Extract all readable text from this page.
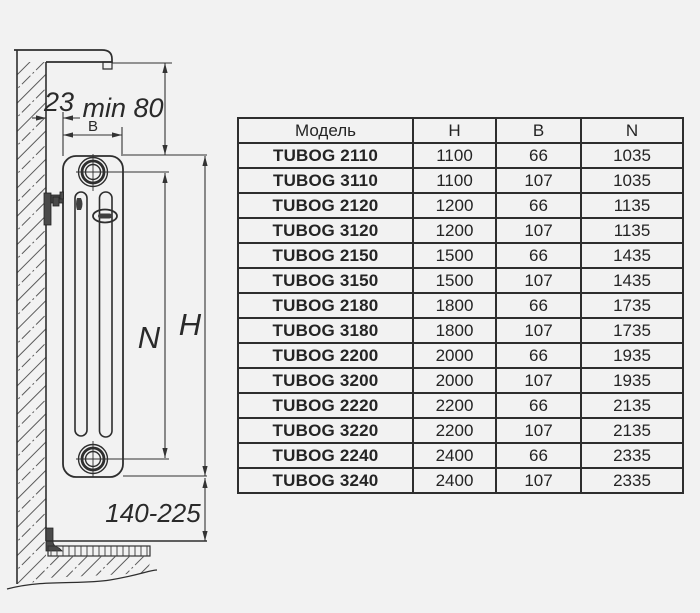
23
В
min 80
N H
140-225
Модель	H	B	N
TUBOG 2110	1100	66	1035
TUBOG 3110	1100	107	1035
TUBOG 2120	1200	66	1135
TUBOG 3120	1200	107	1135
TUBOG 2150	1500	66	1435
TUBOG 3150	1500	107	1435
TUBOG 2180	1800	66	1735
TUBOG 3180	1800	107	1735
TUBOG 2200	2000	66	1935
TUBOG 3200	2000	107	1935
TUBOG 2220	2200	66	2135
TUBOG 3220	2200	107	2135
TUBOG 2240	2400	66	2335
TUBOG 3240	2400	107	2335
